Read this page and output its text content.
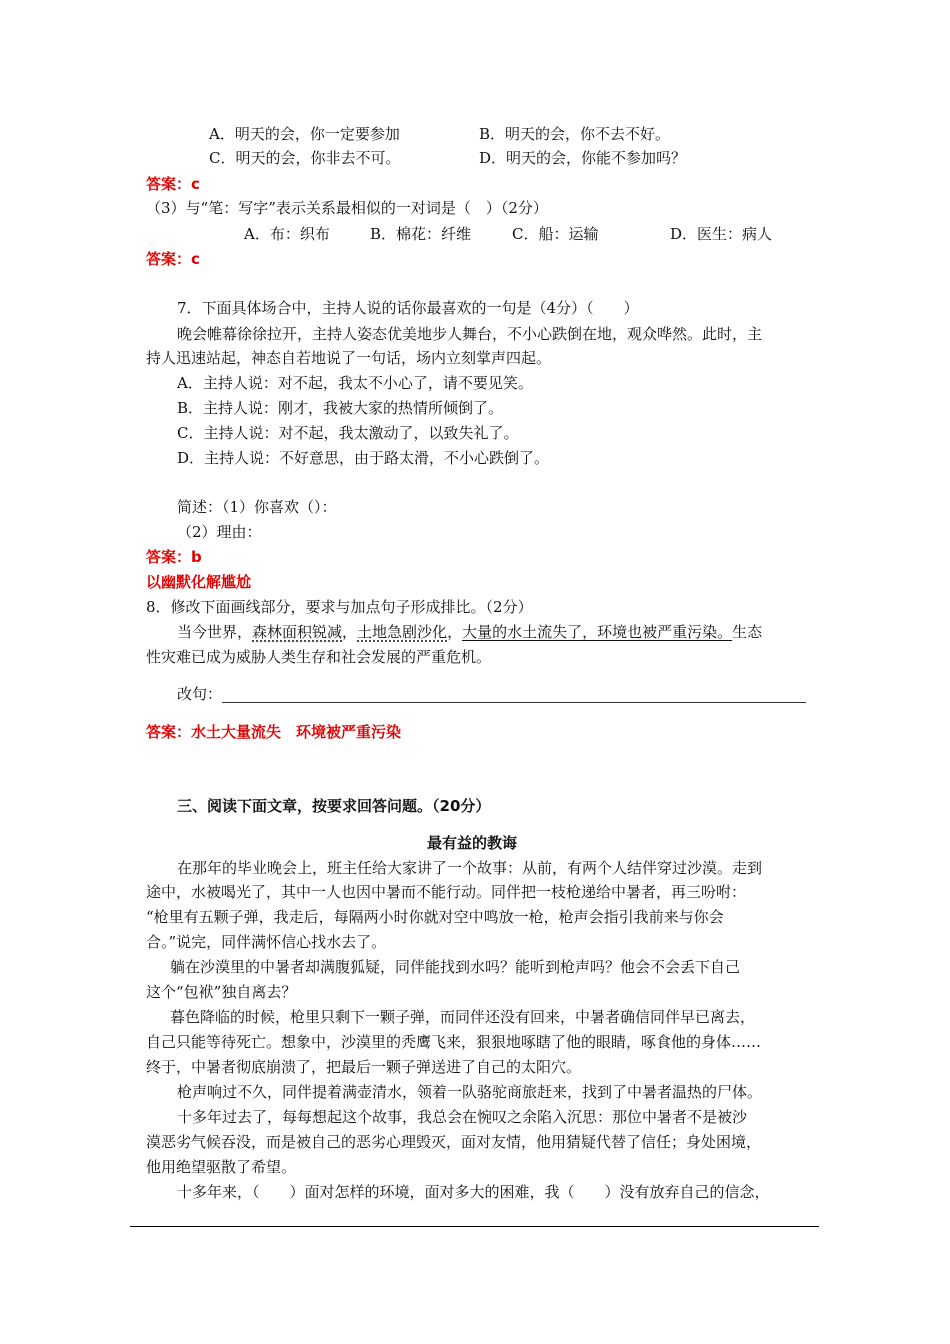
A．明天的会，你一定要参加	B．明天的会，你不去不好。
C．明天的会，你非去不可。	D．明天的会，你能不参加吗？
答案：c
（3）与“笔：写字”表示关系最相似的一对词是（　）（2分）
A．布：织布	B．棉花：纤维	C．船：运输	D．医生：病人
答案：c
7．下面具体场合中，主持人说的话你最喜欢的一句是（4分）（　　）
晚会帷幕徐徐拉开，主持人姿态优美地步人舞台，不小心跌倒在地，观众哗然。此时，主
持人迅速站起，神态自若地说了一句话，场内立刻掌声四起。
A．主持人说：对不起，我太不小心了，请不要见笑。
B．主持人说：刚才，我被大家的热情所倾倒了。
C．主持人说：对不起，我太激动了，以致失礼了。
D．主持人说：不好意思，由于路太滑，不小心跌倒了。
简述：（1）你喜欢（）：
（2）理由：
答案：b
以幽默化解尴尬
8．修改下面画线部分，要求与加点句子形成排比。（2分）
当今世界，森林面积锐减，土地急剧沙化，大量的水土流失了，环境也被严重污染。生态
性灾难已成为威胁人类生存和社会发展的严重危机。
改句：
答案：水土大量流失　环境被严重污染
三、阅读下面文章，按要求回答问题。（20分）
最有益的教诲
在那年的毕业晚会上，班主任给大家讲了一个故事：从前，有两个人结伴穿过沙漠。走到
途中，水被喝光了，其中一人也因中暑而不能行动。同伴把一枝枪递给中暑者，再三吩咐：
“枪里有五颗子弹，我走后，每隔两小时你就对空中鸣放一枪，枪声会指引我前来与你会
合。”说完，同伴满怀信心找水去了。
躺在沙漠里的中暑者却满腹狐疑，同伴能找到水吗？能听到枪声吗？他会不会丢下自己
这个“包袱”独自离去？
暮色降临的时候，枪里只剩下一颗子弹，而同伴还没有回来，中暑者确信同伴早已离去，
自己只能等待死亡。想象中，沙漠里的秃鹰飞来，狠狠地啄瞎了他的眼睛，啄食他的身体……
终于，中暑者彻底崩溃了，把最后一颗子弹送进了自己的太阳穴。
枪声响过不久，同伴提着满壶清水，领着一队骆驼商旅赶来，找到了中暑者温热的尸体。
十多年过去了，每每想起这个故事，我总会在惋叹之余陷入沉思：那位中暑者不是被沙
漠恶劣气候吞没，而是被自己的恶劣心理毁灭，面对友情，他用猜疑代替了信任；身处困境，
他用绝望驱散了希望。
十多年来，（　　）面对怎样的环境，面对多大的困难，我（　　）没有放弃自己的信念，
